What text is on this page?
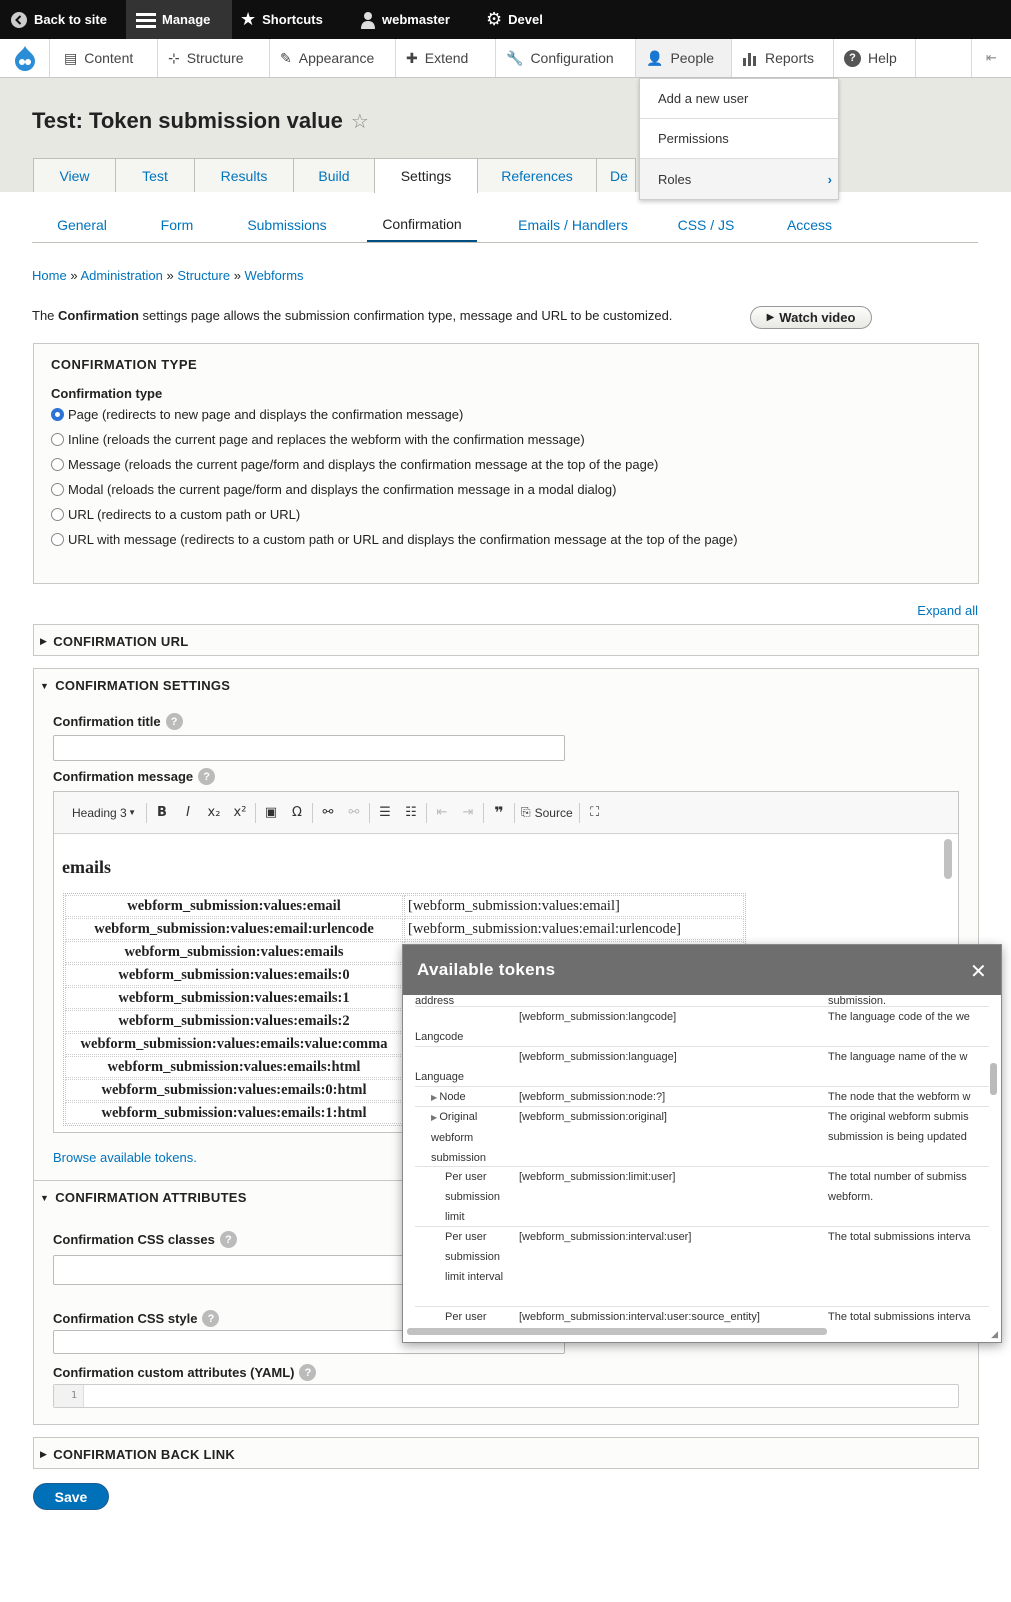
Back to site	Manage ★ Shortcuts	webmaster ⚙ Devel
▤ Content ⊹ Structure	✎ Appearance ✚ Extend	🔧 Configuration 👤 People	Reports	? Help	⇤
Test: Token submission value ☆
View	Test	Results	Build	Settings	References	De
General	Form	Submissions	Confirmation	Emails / Handlers	CSS / JS	Access
Home » Administration » Structure » Webforms
The Confirmation settings page allows the submission confirmation type, message and URL to be customized.	▶ Watch video
CONFIRMATION TYPE
Confirmation type
Page (redirects to new page and displays the confirmation message)
Inline (reloads the current page and replaces the webform with the confirmation message)
Message (reloads the current page/form and displays the confirmation message at the top of the page)
Modal (reloads the current page/form and displays the confirmation message in a modal dialog)
URL (redirects to a custom path or URL)
URL with message (redirects to a custom path or URL and displays the confirmation message at the top of the page)
Expand all
▶ CONFIRMATION URL
▼ CONFIRMATION SETTINGS
Confirmation title ?
Confirmation message ?
Heading 3 ▼	B	I	x₂	x²	▣	Ω	⚯	⚯	☰	☷	⇤	⇥	❞	⎘ Source	⛶
emails
webform_submission:values:email	[webform_submission:values:email]
webform_submission:values:email:urlencode	[webform_submission:values:email:urlencode]
webform_submission:values:emails	
webform_submission:values:emails:0	
webform_submission:values:emails:1	
webform_submission:values:emails:2	
webform_submission:values:emails:value:comma	
webform_submission:values:emails:html	
webform_submission:values:emails:0:html	
webform_submission:values:emails:1:html	
Browse available tokens.
▼ CONFIRMATION ATTRIBUTES
Confirmation CSS classes ?
Confirmation CSS style ?
Confirmation custom attributes (YAML) ?
1
▶ CONFIRMATION BACK LINK
Save
Add a new user
Permissions
Roles	›
Available tokens	✕
address	submission.
Langcode
[webform_submission:langcode]	The language code of the we
Language
[webform_submission:language]	The language name of the w
▶ Node	[webform_submission:node:?]	The node that the webform w
▶ Original webform submission
[webform_submission:original]	The original webform submis
submission is being updated
Per user submission limit
[webform_submission:limit:user]	The total number of submiss
webform.
Per user submission limit interval
[webform_submission:interval:user]	The total submissions interva
Per user	[webform_submission:interval:user:source_entity]	The total submissions interva
◢
